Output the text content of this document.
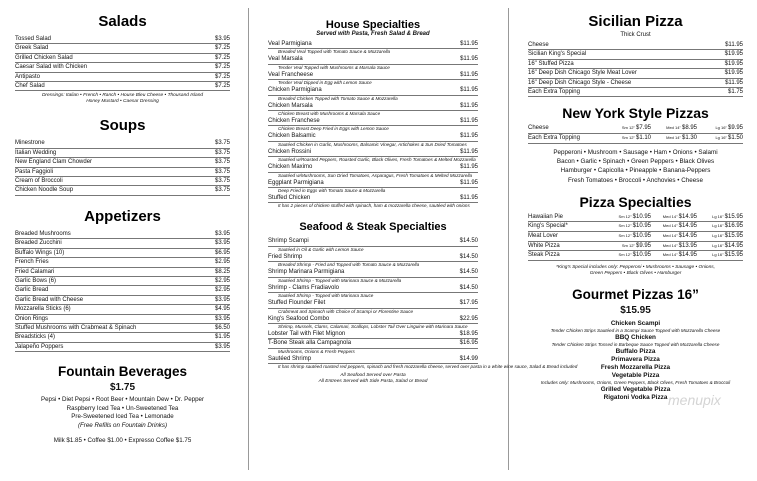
Salads
Tossed Salad	$3.95
Greek Salad	$7.25
Grilled Chicken Salad	$7.25
Caesar Salad with Chicken	$7.25
Antipasto	$7.25
Chef Salad	$7.25
Dressings: Italian • French • Ranch • House Bleu Cheese • Thousand Island
Honey Mustard • Caesar Dressing
Soups
Minestrone	$3.75
Italian Wedding	$3.75
New England Clam Chowder	$3.75
Pasta Faggioli	$3.75
Cream of Broccoli	$3.75
Chicken Noodle Soup	$3.75
Appetizers
Breaded Mushrooms	$3.95
Breaded Zucchini	$3.95
Buffalo Wings (10)	$6.95
French Fries	$2.95
Fried Calamari	$8.25
Garlic Bows (6)	$2.95
Garlic Bread	$2.95
Garlic Bread with Cheese	$3.95
Mozzarella Sticks (6)	$4.95
Onion Rings	$3.95
Stuffed Mushrooms with Crabmeat & Spinach	$6.50
Breadsticks (4)	$1.95
Jalapeño Poppers	$3.95
Fountain Beverages
$1.75
Pepsi • Diet Pepsi • Root Beer • Mountain Dew • Dr. Pepper
Raspberry Iced Tea • Un-Sweetened Tea
Pre-Sweetened Iced Tea • Lemonade
(Free Refills on Fountain Drinks)
Milk $1.85 • Coffee $1.00 • Expresso Coffee $1.75
House Specialties
Served with Pasta, Fresh Salad & Bread
Veal Parmigiana	$11.95
Breaded Veal Topped with Tomato Sauce & Mozzarella
Veal Marsala	$11.95
Tender Veal Topped with Mushrooms & Marsala Sauce
Veal Francheese	$11.95
Tender Veal Dipped in Egg with Lemon Sauce
Chicken Parmigiana	$11.95
Breaded Chicken Topped with Tomato Sauce & Mozzarella
Chicken Marsala	$11.95
Chicken Breast with Mushrooms & Marsala Sauce
Chicken Franchese	$11.95
Chicken Breast Deep Fried in Eggs with Lemon Sauce
Chicken Balsamic	$11.95
Sautéed Chicken in Garlic, Mushrooms, Balsamic Vinegar, Artichokes & Sun Dried Tomatoes
Chicken Rossini	$11.95
Sautéed w/Roasted Peppers, Roasted Garlic, Black Olives, Fresh Tomatoes & Melted Mozzarella
Chicken Maximo	$11.95
Sautéed w/Mushrooms, Sun Dried Tomatoes, Asparagus, Fresh Tomatoes & Melted Mozzarella
Eggplant Parmigiana	$11.95
Deep Fried in Eggs with Tomato Sauce & Mozzarella
Stuffed Chicken	$11.95
It has 2 pieces of chicken stuffed with spinach, ham & mozzarella cheese, sautéed with onions
Seafood & Steak Specialties
Shrimp Scampi	$14.50
Sautéed in Oil & Garlic with Lemon Sauce
Fried Shrimp	$14.50
Breaded Shrimp - Fried and Topped with Tomato Sauce & Mozzarella
Shrimp Marinara Parmigiana	$14.50
Sautéed Shrimp - Topped with Marinara Sauce & Mozzarella
Shrimp - Clams Fradiavolo	$14.50
Sautéed Shrimp - Topped with Marinara Sauce
Stuffed Flounder Filet	$17.95
Crabmeat and Spinach with Choice of Scampi or Florentine Sauce
King's Seafood Combo	$22.95
Shrimp, Mussels, Clams, Calamari, Scallops, Lobster Tail Over Linguine with Marinara Sauce
Lobster Tail with Filet Mignon	$18.95
T-Bone Steak alla Campagnola	$16.95
Mushrooms, Onions & Fresh Peppers
Sautéed Shrimp	$14.99
It has shrimp sautéed roasted red peppers, spinach and fresh mozzarella cheese, served over pasta in a white wine sauce, Salad & Bread included
All Seafood Served over Pasta
All Entrees Served with Side Pasta, Salad or Bread
Sicilian Pizza
Thick Crust
Cheese	$11.95
Sicilian King's Special	$19.95
16" Stuffed Pizza	$19.95
16" Deep Dish Chicago Style Meat Lover	$19.95
16" Deep Dish Chicago Style - Cheese	$11.95
Each Extra Topping	$1.75
New York Style Pizzas
Cheese	Sm 12" $7.95	Med 14" $8.95	Lg 16" $9.95
Each Extra Topping	Sm 12" $1.10	Med 14" $1.30	Lg 16" $1.50
Pepperoni • Mushroom • Sausage • Ham • Onions • Salami
Bacon • Garlic • Spinach • Green Peppers • Black Olives
Hamburger • Capicolla • Pineapple • Banana-Peppers
Fresh Tomatoes • Broccoli • Anchovies • Cheese
Pizza Specialties
Hawaiian Pie	Sm 12" $10.95	Med 14" $14.95	Lg 16" $15.95
King's Special*	Sm 12" $10.95	Med 14" $14.95	Lg 16" $16.95
Meat Lover	Sm 12" $10.95	Med 14" $14.95	Lg 16" $15.95
White Pizza	Sm 12" $9.95	Med 14" $13.95	Lg 16" $14.95
Steak Pizza	Sm 12" $10.95	Med 14" $14.95	Lg 16" $15.95
*King's Special includes only: Pepperoni • Mushrooms • Sausage • Onions,
Green Peppers • Black Olives • Hamburger
Gourmet Pizzas 16”
$15.95
Chicken Scampi
Tender Chicken Strips Sautéed in a Scampi Sauce Topped with Mozzarella Cheese
BBQ Chicken
Tender Chicken Strips Tossed in Barbeque Sauce Topped with Mozzarella Cheese
Buffalo Pizza
Primavera Pizza
Fresh Mozzarella Pizza
Vegetable Pizza
Includes only: Mushrooms, Onions, Green Peppers, Black Olives, Fresh Tomatoes & Broccoli
Grilled Vegetable Pizza
Rigatoni Vodka Pizza menupix
